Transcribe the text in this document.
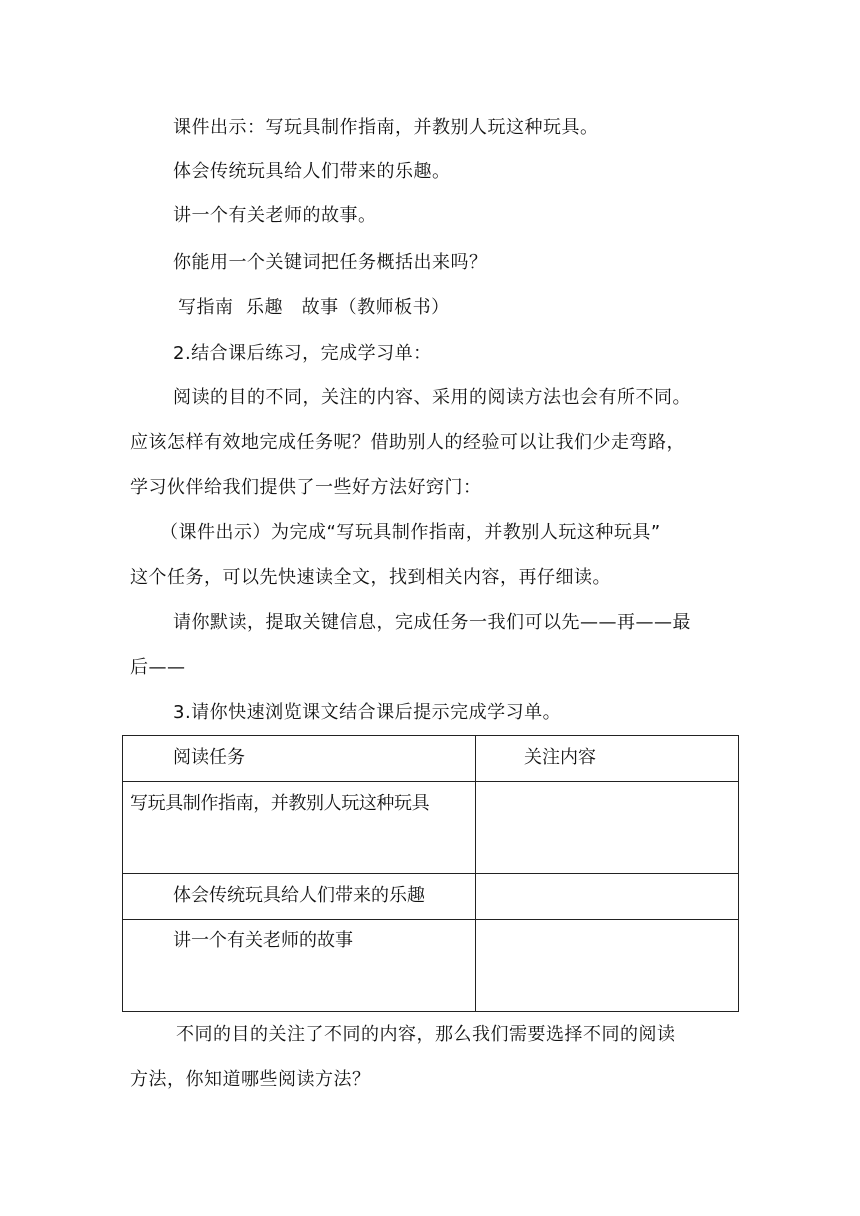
课件出示：写玩具制作指南，并教别人玩这种玩具。
体会传统玩具给人们带来的乐趣。
讲一个有关老师的故事。
你能用一个关键词把任务概括出来吗？
写指南  乐趣   故事（教师板书）
2.结合课后练习，完成学习单：
阅读的目的不同，关注的内容、采用的阅读方法也会有所不同。
应该怎样有效地完成任务呢？借助别人的经验可以让我们少走弯路，
学习伙伴给我们提供了一些好方法好窍门：
（课件出示）为完成“写玩具制作指南，并教别人玩这种玩具”
这个任务，可以先快速读全文，找到相关内容，再仔细读。
请你默读，提取关键信息，完成任务一我们可以先——再——最
后——
3.请你快速浏览课文结合课后提示完成学习单。
阅读任务	关注内容

写玩具制作指南，并教别人玩这种玩具	

体会传统玩具给人们带来的乐趣	

讲一个有关老师的故事	

不同的目的关注了不同的内容，那么我们需要选择不同的阅读
方法，你知道哪些阅读方法？
